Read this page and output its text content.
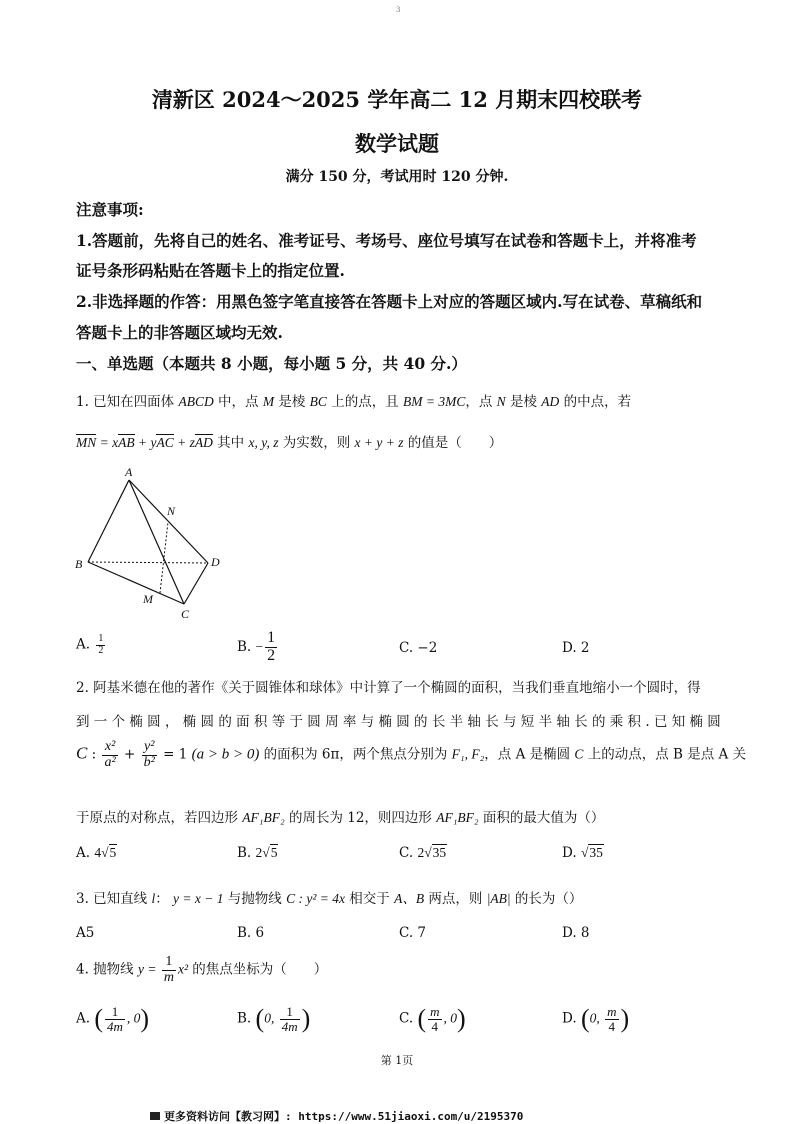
3
清新区 2024～2025 学年高二 12 月期末四校联考
数学试题
满分 150 分，考试用时 120 分钟.
注意事项:
1.答题前，先将自己的姓名、准考证号、考场号、座位号填写在试卷和答题卡上，并将准考
证号条形码粘贴在答题卡上的指定位置.
2.非选择题的作答：用黑色签字笔直接答在答题卡上对应的答题区域内.写在试卷、草稿纸和
答题卡上的非答题区域均无效.
一、单选题（本题共 8 小题，每小题 5 分，共 40 分.）
1. 已知在四面体 ABCD 中，点 M 是棱 BC 上的点，且 BM = 3MC，点 N 是棱 AD 的中点，若
MN = xAB + yAC + zAD 其中 x, y, z 为实数，则 x + y + z 的值是（　　）
A
B
C
D
M
N
A. $\frac{1}{2}$	B. − $\frac{1}{2}$	C. −2	D. 2
2. 阿基米德在他的著作《关于圆锥体和球体》中计算了一个椭圆的面积，当我们垂直地缩小一个圆时，得
到 一 个 椭 圆 ， 椭 圆 的 面 积 等 于 圆 周 率 与 椭 圆 的 长 半 轴 长 与 短 半 轴 长 的 乘 积 . 已 知 椭 圆
C : $\frac{\text{x²}}{\text{a²}} + \frac{\text{y²}}{\text{b²}} = 1$ (a > b > 0) 的面积为 6π，两个焦点分别为 F₁, F₂，点 A 是椭圆 C 上的动点，点 B 是点 A 关
于原点的对称点，若四边形 AF₁BF₂ 的周长为 12，则四边形 AF₁BF₂ 面积的最大值为（）
A. 4√5	B. 2√5	C. 2√35	D. √35
3. 已知直线 l： y = x − 1 与抛物线 C : y² = 4x 相交于 A、B 两点，则 |AB| 的长为（）
A5	B. 6	C. 7	D. 8
4. 抛物线 $y = \frac{1}{m} x^2$ 的焦点坐标为（　　）
A. ( $\frac{1}{4m}$ , 0)	B. (0, $\frac{1}{4m}$ )	C. ( $\frac{m}{4}$ , 0)	D. (0, $\frac{m}{4}$ )
第 1页
更多资料访问【教习网】: https://www.51jiaoxi.com/u/2195370
